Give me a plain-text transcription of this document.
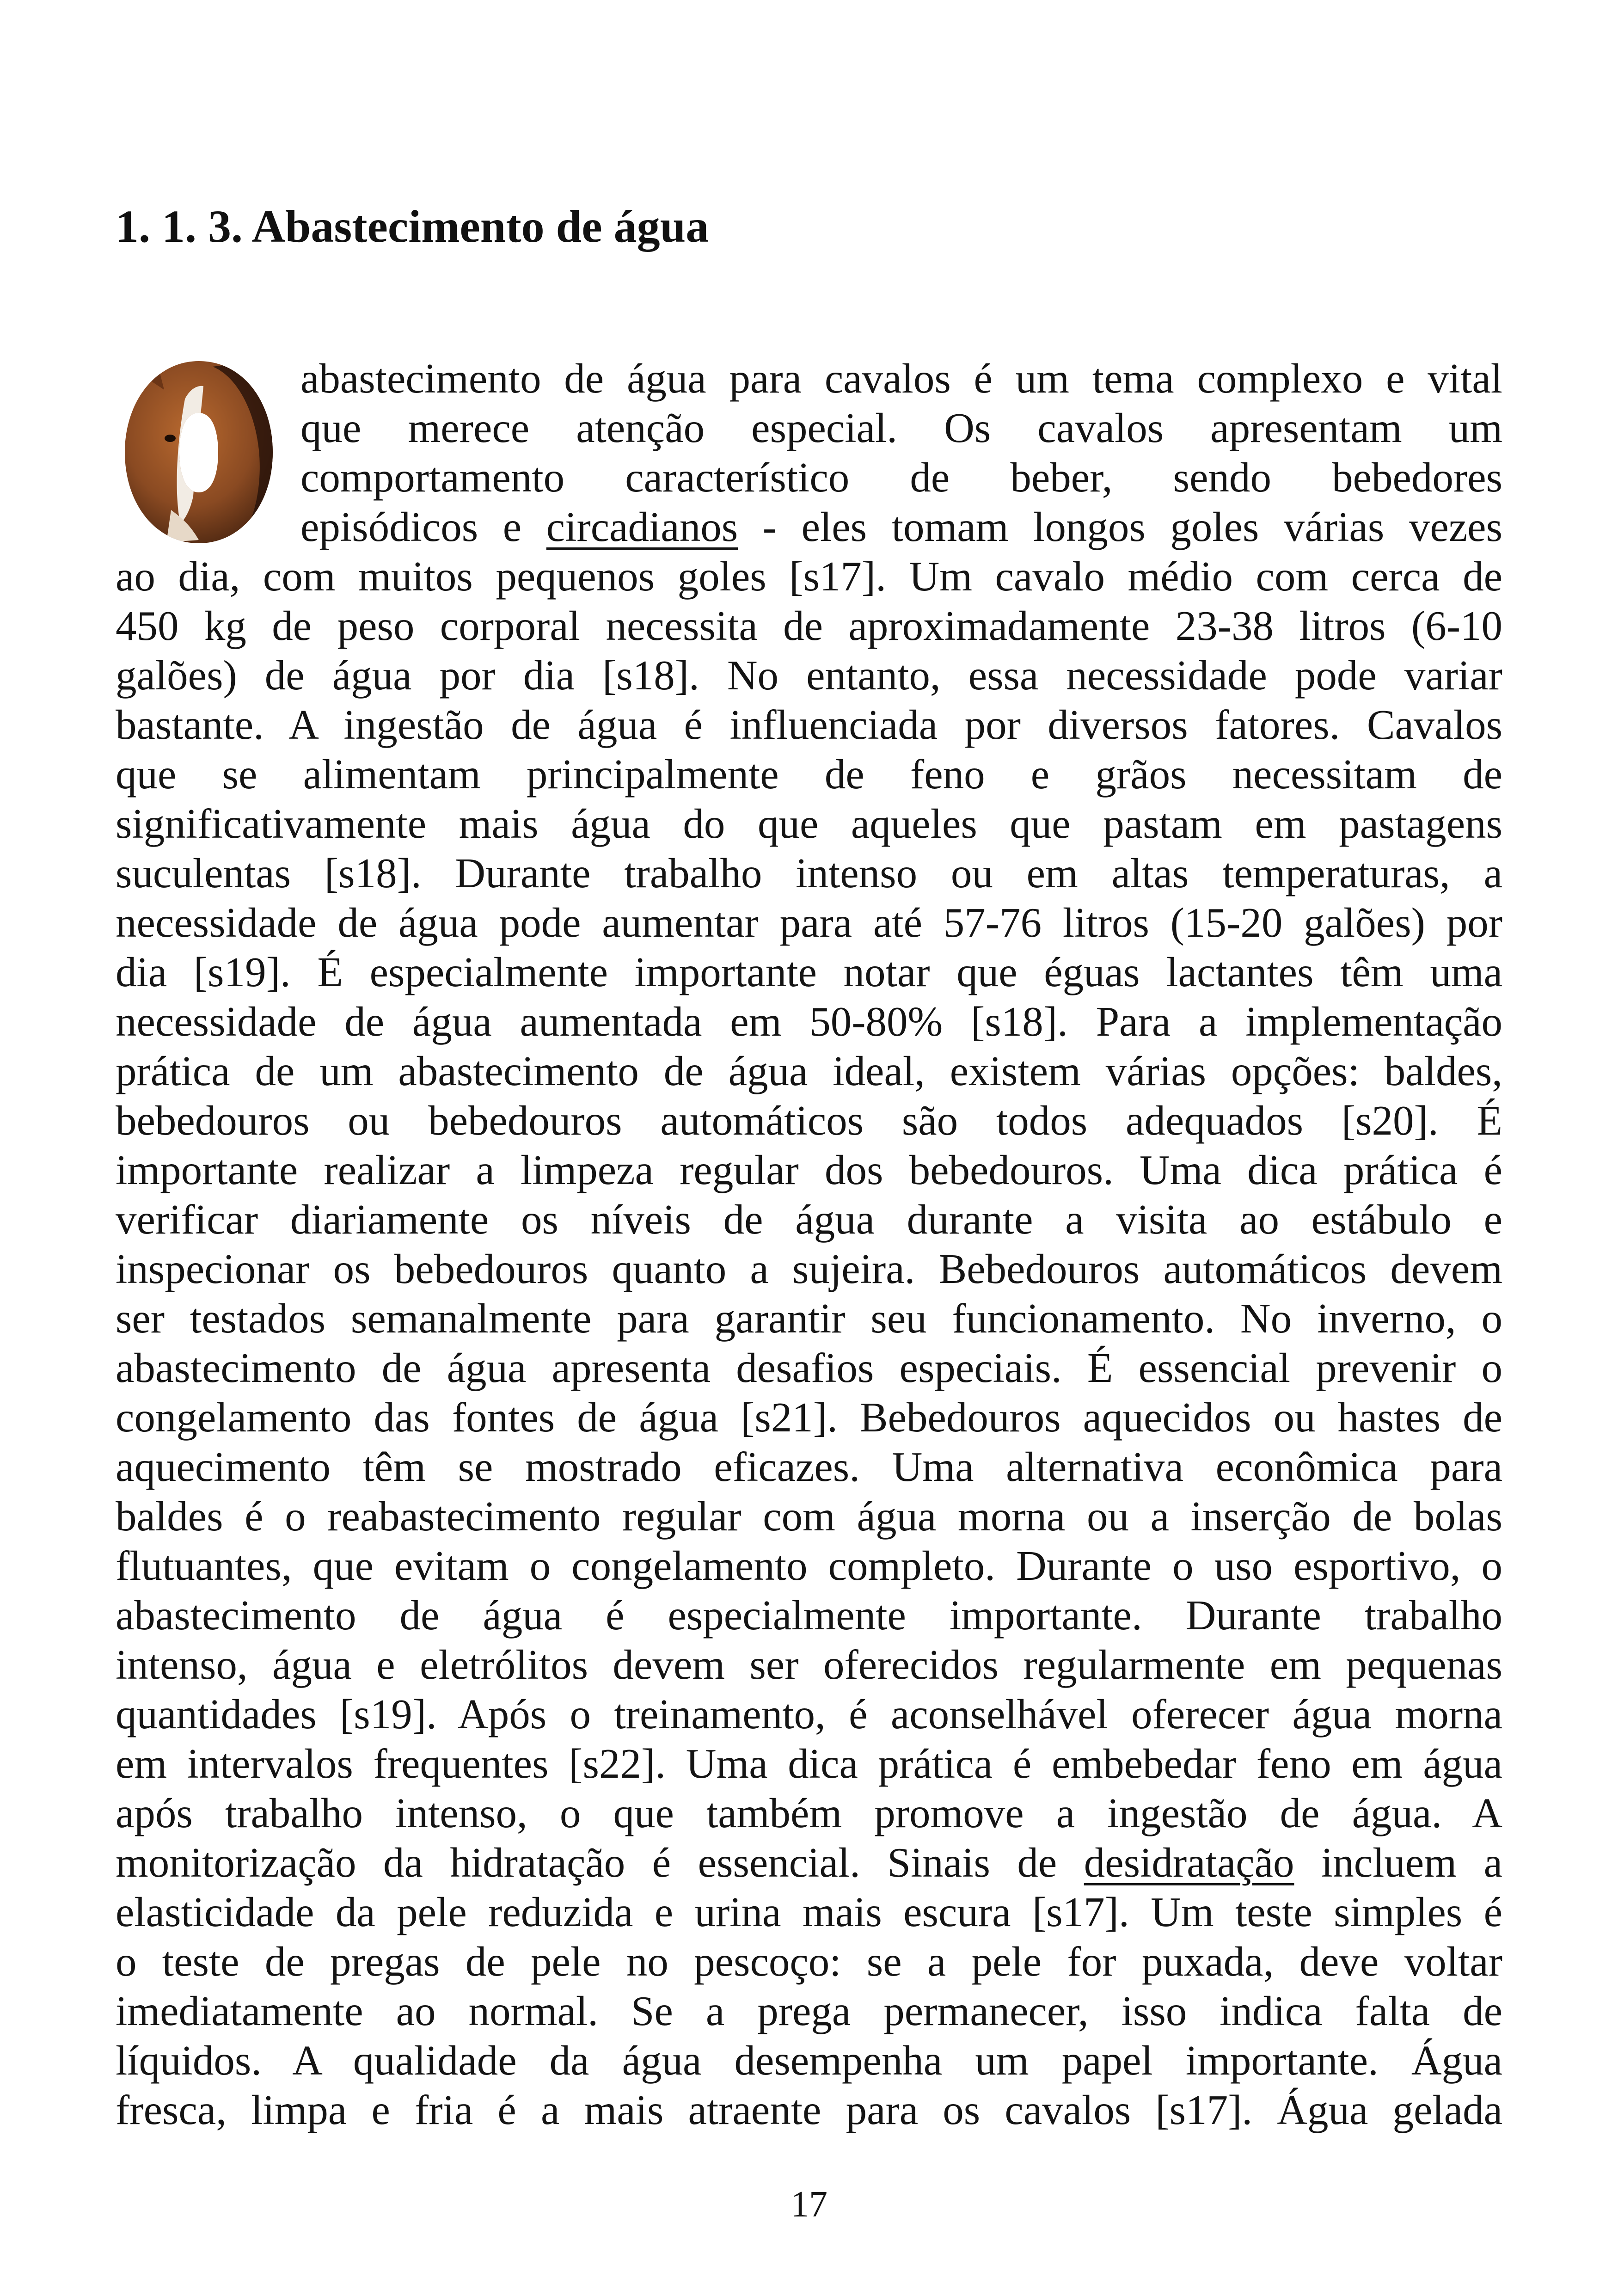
1. 1. 3. Abastecimento de água

abastecimento de água para cavalos é um tema complexo e vital
que merece atenção especial. Os cavalos apresentam um
comportamento característico de beber, sendo bebedores
episódicos e circadianos - eles tomam longos goles várias vezes
ao dia, com muitos pequenos goles [s17]. Um cavalo médio com cerca de
450 kg de peso corporal necessita de aproximadamente 23-38 litros (6-10
galões) de água por dia [s18]. No entanto, essa necessidade pode variar
bastante. A ingestão de água é influenciada por diversos fatores. Cavalos
que se alimentam principalmente de feno e grãos necessitam de
significativamente mais água do que aqueles que pastam em pastagens
suculentas [s18]. Durante trabalho intenso ou em altas temperaturas, a
necessidade de água pode aumentar para até 57-76 litros (15-20 galões) por
dia [s19]. É especialmente importante notar que éguas lactantes têm uma
necessidade de água aumentada em 50-80% [s18]. Para a implementação
prática de um abastecimento de água ideal, existem várias opções: baldes,
bebedouros ou bebedouros automáticos são todos adequados [s20]. É
importante realizar a limpeza regular dos bebedouros. Uma dica prática é
verificar diariamente os níveis de água durante a visita ao estábulo e
inspecionar os bebedouros quanto a sujeira. Bebedouros automáticos devem
ser testados semanalmente para garantir seu funcionamento. No inverno, o
abastecimento de água apresenta desafios especiais. É essencial prevenir o
congelamento das fontes de água [s21]. Bebedouros aquecidos ou hastes de
aquecimento têm se mostrado eficazes. Uma alternativa econômica para
baldes é o reabastecimento regular com água morna ou a inserção de bolas
flutuantes, que evitam o congelamento completo. Durante o uso esportivo, o
abastecimento de água é especialmente importante. Durante trabalho
intenso, água e eletrólitos devem ser oferecidos regularmente em pequenas
quantidades [s19]. Após o treinamento, é aconselhável oferecer água morna
em intervalos frequentes [s22]. Uma dica prática é embebedar feno em água
após trabalho intenso, o que também promove a ingestão de água. A
monitorização da hidratação é essencial. Sinais de desidratação incluem a
elasticidade da pele reduzida e urina mais escura [s17]. Um teste simples é
o teste de pregas de pele no pescoço: se a pele for puxada, deve voltar
imediatamente ao normal. Se a prega permanecer, isso indica falta de
líquidos. A qualidade da água desempenha um papel importante. Água
fresca, limpa e fria é a mais atraente para os cavalos [s17]. Água gelada

17
